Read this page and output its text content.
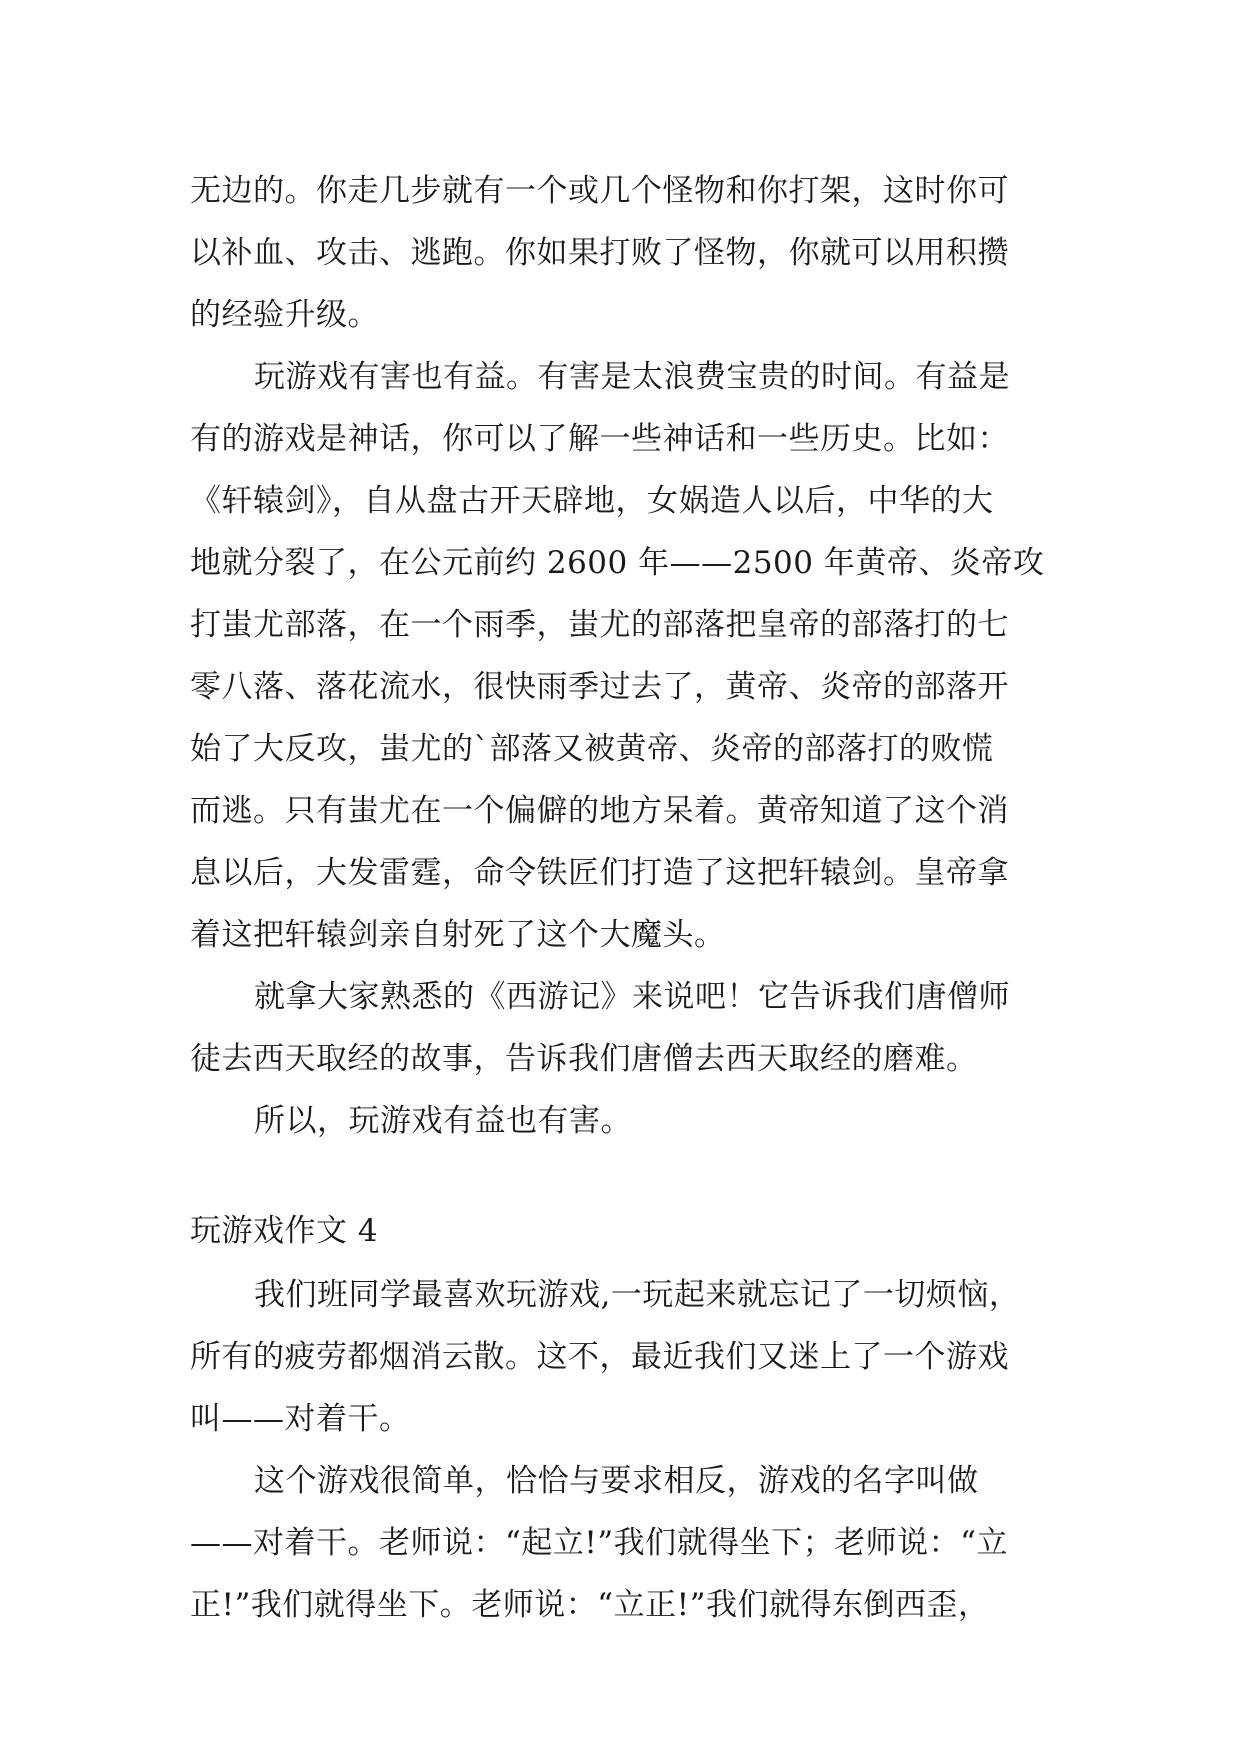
无边的。你走几步就有一个或几个怪物和你打架，这时你可
以补血、攻击、逃跑。你如果打败了怪物，你就可以用积攒
的经验升级。
玩游戏有害也有益。有害是太浪费宝贵的时间。有益是
有的游戏是神话，你可以了解一些神话和一些历史。比如：
《轩辕剑》，自从盘古开天辟地，女娲造人以后，中华的大
地就分裂了，在公元前约 2600 年——2500 年黄帝、炎帝攻
打蚩尤部落，在一个雨季，蚩尤的部落把皇帝的部落打的七
零八落、落花流水，很快雨季过去了，黄帝、炎帝的部落开
始了大反攻，蚩尤的`部落又被黄帝、炎帝的部落打的败慌
而逃。只有蚩尤在一个偏僻的地方呆着。黄帝知道了这个消
息以后，大发雷霆，命令铁匠们打造了这把轩辕剑。皇帝拿
着这把轩辕剑亲自射死了这个大魔头。
就拿大家熟悉的《西游记》来说吧！它告诉我们唐僧师
徒去西天取经的故事，告诉我们唐僧去西天取经的磨难。
所以，玩游戏有益也有害。
玩游戏作文 4
我们班同学最喜欢玩游戏,一玩起来就忘记了一切烦恼，
所有的疲劳都烟消云散。这不，最近我们又迷上了一个游戏
叫——对着干。
这个游戏很简单，恰恰与要求相反，游戏的名字叫做
——对着干。老师说：“起立!”我们就得坐下；老师说：“立
正!”我们就得坐下。老师说：“立正!”我们就得东倒西歪，
